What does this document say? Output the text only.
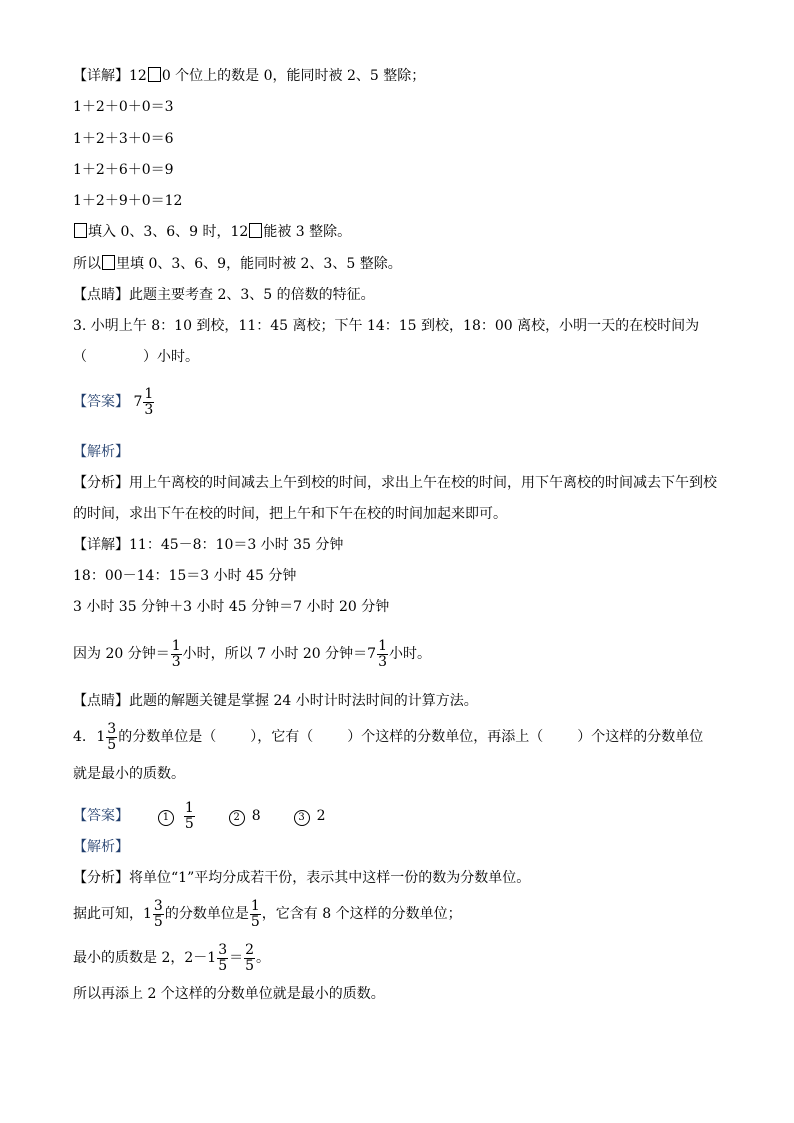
【详解】12 0 个位上的数是 0，能同时被 2、5 整除；
1＋2＋0＋0＝3
1＋2＋3＋0＝6
1＋2＋6＋0＝9
1＋2＋9＋0＝12
填入 0、3、6、9 时，12 能被 3 整除。
所以 里填 0、3、6、9，能同时被 2、3、5 整除。
【点睛】此题主要考查 2、3、5 的倍数的特征。
3. 小明上午 8：10 到校，11：45 离校；下午 14：15 到校，18：00 离校，小明一天的在校时间为
（	）小时。
【答案】 $7 \frac{1}{3}$
【解析】
【分析】用上午离校的时间减去上午到校的时间，求出上午在校的时间，用下午离校的时间减去下午到校
的时间，求出下午在校的时间，把上午和下午在校的时间加起来即可。
【详解】11：45－8：10＝3 小时 35 分钟
18：00－14：15＝3 小时 45 分钟
3 小时 35 分钟＋3 小时 45 分钟＝7 小时 20 分钟
因为 20 分钟＝ $\frac{1}{3}$ 小时，所以 7 小时 20 分钟$=7 \frac{1}{3}$ 小时。
【点睛】此题的解题关键是掌握 24 小时计时法时间的计算方法。
4. $1 \frac{3}{5}$ 的分数单位是（ ），它有（ ）个这样的分数单位，再添上（ ）个这样的分数单位
就是最小的质数。
【答案】	$1 \frac{1}{5}$	2 8	3 2
【解析】
【分析】将单位“1”平均分成若干份，表示其中这样一份的数为分数单位。
据此可知， $1 \frac{3}{5}$ 的分数单位是 $\frac{1}{5}$ ，它含有 8 个这样的分数单位；
最小的质数是 2，$2- 1 \frac{3}{5} = \frac{2}{5}$ 。
所以再添上 2 个这样的分数单位就是最小的质数。
